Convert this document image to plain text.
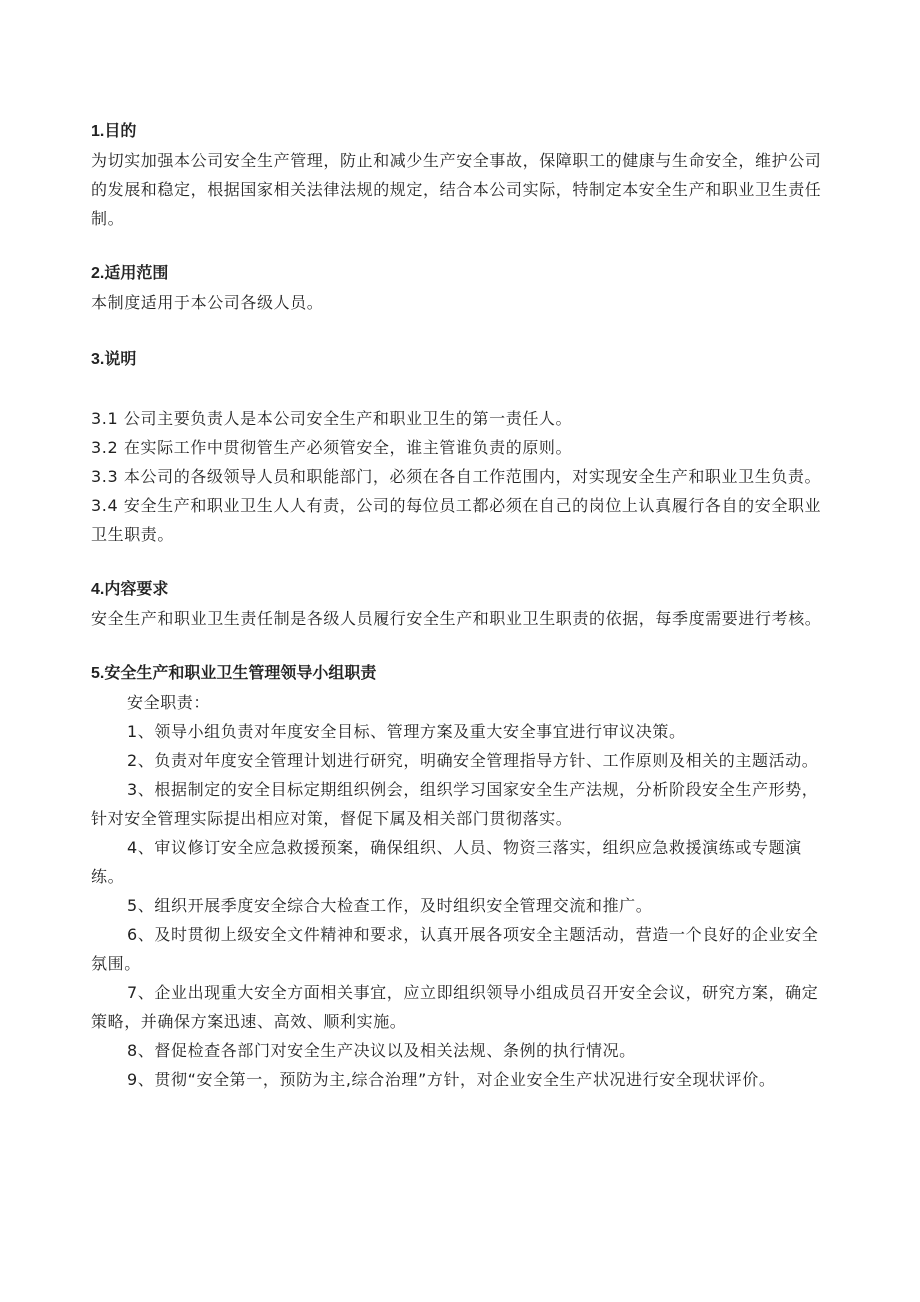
1.目的

为切实加强本公司安全生产管理，防止和减少生产安全事故，保障职工的健康与生命安全，维护公司的发展和稳定，根据国家相关法律法规的规定，结合本公司实际，特制定本安全生产和职业卫生责任制。

2.适用范围

本制度适用于本公司各级人员。

3.说明

3.1 公司主要负责人是本公司安全生产和职业卫生的第一责任人。

3.2 在实际工作中贯彻管生产必须管安全，谁主管谁负责的原则。

3.3 本公司的各级领导人员和职能部门，必须在各自工作范围内，对实现安全生产和职业卫生负责。

3.4 安全生产和职业卫生人人有责，公司的每位员工都必须在自己的岗位上认真履行各自的安全职业卫生职责。

4.内容要求

安全生产和职业卫生责任制是各级人员履行安全生产和职业卫生职责的依据，每季度需要进行考核。

5.安全生产和职业卫生管理领导小组职责

安全职责：

1、领导小组负责对年度安全目标、管理方案及重大安全事宜进行审议决策。

2、负责对年度安全管理计划进行研究，明确安全管理指导方针、工作原则及相关的主题活动。

3、根据制定的安全目标定期组织例会，组织学习国家安全生产法规，分析阶段安全生产形势，针对安全管理实际提出相应对策，督促下属及相关部门贯彻落实。

4、审议修订安全应急救援预案，确保组织、人员、物资三落实，组织应急救援演练或专题演练。

5、组织开展季度安全综合大检查工作，及时组织安全管理交流和推广。

6、及时贯彻上级安全文件精神和要求，认真开展各项安全主题活动，营造一个良好的企业安全氛围。

7、企业出现重大安全方面相关事宜，应立即组织领导小组成员召开安全会议，研究方案，确定策略，并确保方案迅速、高效、顺利实施。

8、督促检查各部门对安全生产决议以及相关法规、条例的执行情况。

9、贯彻“安全第一，预防为主,综合治理”方针，对企业安全生产状况进行安全现状评价。
